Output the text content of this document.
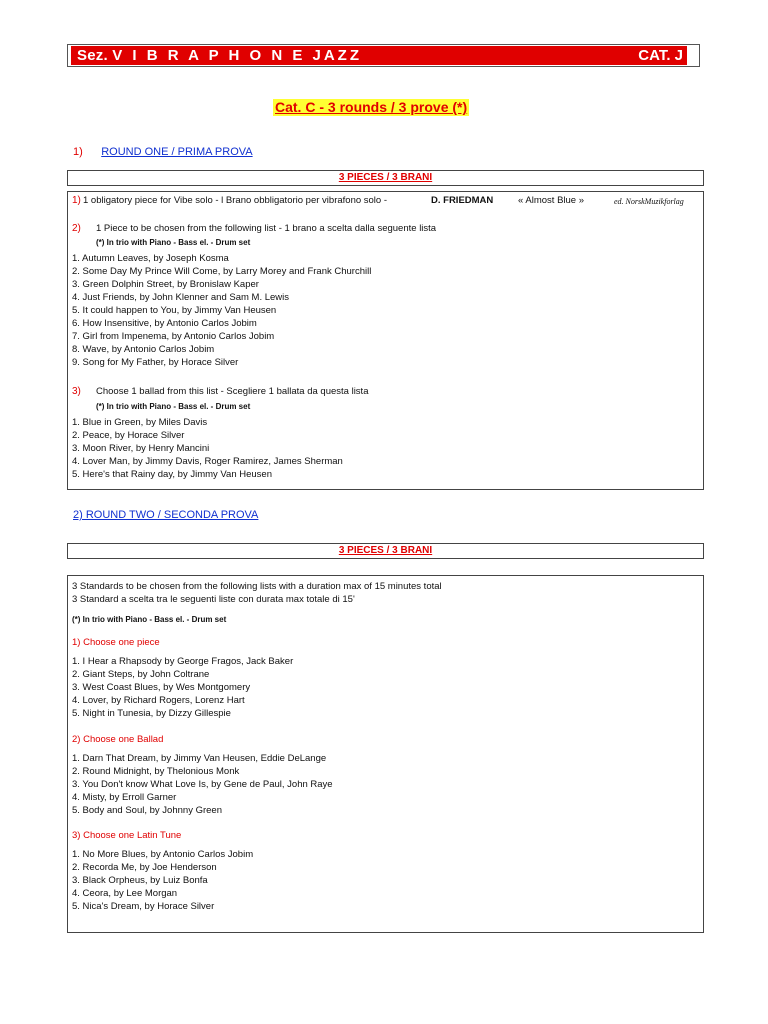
Sez. V I B R A P H O N E JAZZ	CAT. J
Cat. C - 3 rounds / 3 prove (*)
1) ROUND ONE / PRIMA PROVA
3 PIECES / 3 BRANI
1) 1 obligatory piece for Vibe solo - l Brano obbligatorio per vibrafono solo -	D. FRIEDMAN	« Almost Blue »	ed. NorskMuzikforlag
2) 1 Piece to be chosen from the following list - 1 brano a scelta dalla seguente lista
(*) In trio with Piano - Bass el. - Drum set
1. Autumn Leaves, by Joseph Kosma
2. Some Day My Prince Will Come, by Larry Morey and Frank Churchill
3. Green Dolphin Street, by Bronislaw Kaper
4. Just Friends, by John Klenner and Sam M. Lewis
5. It could happen to You, by Jimmy Van Heusen
6. How Insensitive, by Antonio Carlos Jobim
7. Girl from Impenema, by Antonio Carlos Jobim
8. Wave, by Antonio Carlos Jobim
9. Song for My Father, by Horace Silver
3) Choose 1 ballad from this list - Scegliere 1 ballata da questa lista
(*) In trio with Piano - Bass el. - Drum set
1. Blue in Green, by Miles Davis
2. Peace, by Horace Silver
3. Moon River, by Henry Mancini
4. Lover Man, by Jimmy Davis, Roger Ramirez, James Sherman
5. Here's that Rainy day, by Jimmy Van Heusen
2) ROUND TWO / SECONDA PROVA
3 PIECES / 3 BRANI
3 Standards to be chosen from the following lists with a duration max of 15 minutes total
3 Standard a scelta tra le seguenti liste con durata max totale di 15'
(*) In trio with Piano - Bass el. - Drum set
1) Choose one piece
1. I Hear a Rhapsody by George Fragos, Jack Baker
2. Giant Steps, by John Coltrane
3. West Coast Blues, by Wes Montgomery
4. Lover, by Richard Rogers, Lorenz Hart
5. Night in Tunesia, by Dizzy Gillespie
2) Choose one Ballad
1. Darn That Dream, by Jimmy Van Heusen, Eddie DeLange
2. Round Midnight, by Thelonious Monk
3. You Don't know What Love Is, by Gene de Paul, John Raye
4. Misty, by Erroll Garner
5. Body and Soul, by Johnny Green
3) Choose one Latin Tune
1. No More Blues, by Antonio Carlos Jobim
2. Recorda Me, by Joe Henderson
3. Black Orpheus, by Luiz Bonfa
4. Ceora, by Lee Morgan
5. Nica's Dream, by Horace Silver
